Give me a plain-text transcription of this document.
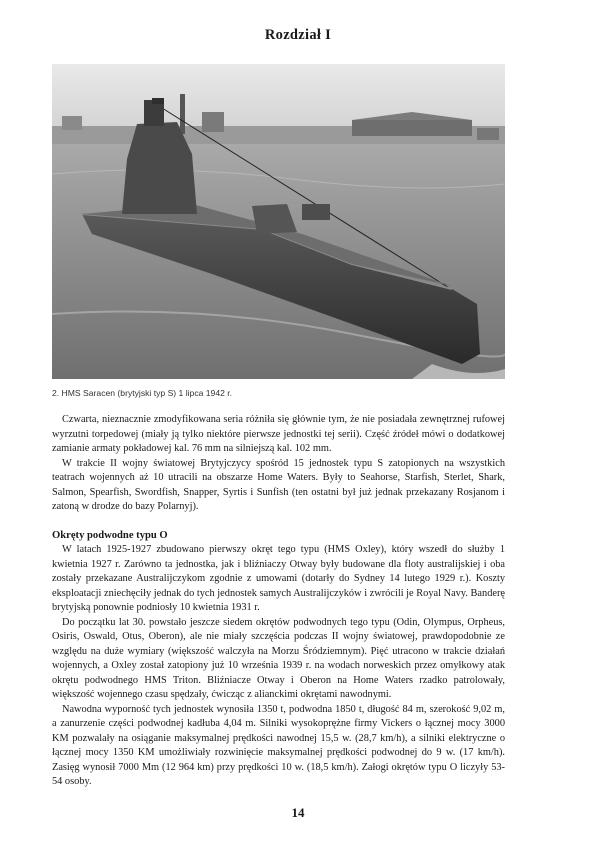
Rozdział I
2. HMS Saracen (brytyjski typ S) 1 lipca 1942 r.

Czwarta, nieznacznie zmodyfikowana seria różniła się głównie tym, że nie posiadała zewnętrznej rufowej wyrzutni torpedowej (miały ją tylko niektóre pierwsze jednostki tej serii). Część źródeł mówi o dodatkowej zamianie armaty pokładowej kal. 76 mm na silniejszą kal. 102 mm.

W trakcie II wojny światowej Brytyjczycy spośród 15 jednostek typu S zatopionych na wszystkich teatrach wojennych aż 10 utracili na obszarze Home Waters. Były to Seahorse, Starfish, Sterlet, Shark, Salmon, Spearfish, Swordfish, Snapper, Syrtis i Sunfish (ten ostatni był już jednak przekazany Rosjanom i zatoną w drodze do bazy Polarnyj).

Okręty podwodne typu O

W latach 1925-1927 zbudowano pierwszy okręt tego typu (HMS Oxley), który wszedł do służby 1 kwietnia 1927 r. Zarówno ta jednostka, jak i bliźniaczy Otway były budowane dla floty australijskiej i oba zostały przekazane Australijczykom zgodnie z umowami (dotarły do Sydney 14 lutego 1929 r.). Koszty eksploatacji zniechęciły jednak do tych jednostek samych Australijczyków i zwrócili je Royal Navy. Banderę brytyjską ponownie podniosły 10 kwietnia 1931 r.

Do początku lat 30. powstało jeszcze siedem okrętów podwodnych tego typu (Odin, Olympus, Orpheus, Osiris, Oswald, Otus, Oberon), ale nie miały szczęścia podczas II wojny światowej, prawdopodobnie ze względu na duże wymiary (większość walczyła na Morzu Śródziemnym). Pięć utracono w trakcie działań wojennych, a Oxley został zatopiony już 10 września 1939 r. na wodach norweskich przez omyłkowy atak okrętu podwodnego HMS Triton. Bliźniacze Otway i Oberon na Home Waters rzadko patrolowały, większość wojennego czasu spędzały, ćwicząc z alianckimi okrętami nawodnymi.

Nawodna wyporność tych jednostek wynosiła 1350 t, podwodna 1850 t, długość 84 m, szerokość 9,02 m, a zanurzenie części podwodnej kadłuba 4,04 m. Silniki wysokoprężne firmy Vickers o łącznej mocy 3000 KM pozwalały na osiąganie maksymalnej prędkości nawodnej 15,5 w. (28,7 km/h), a silniki elektryczne o łącznej mocy 1350 KM umożliwiały rozwinięcie maksymalnej prędkości podwodnej do 9 w. (17 km/h). Zasięg wynosił 7000 Mm (12 964 km) przy prędkości 10 w. (18,5 km/h). Załogi okrętów typu O liczyły 53-54 osoby.

14
